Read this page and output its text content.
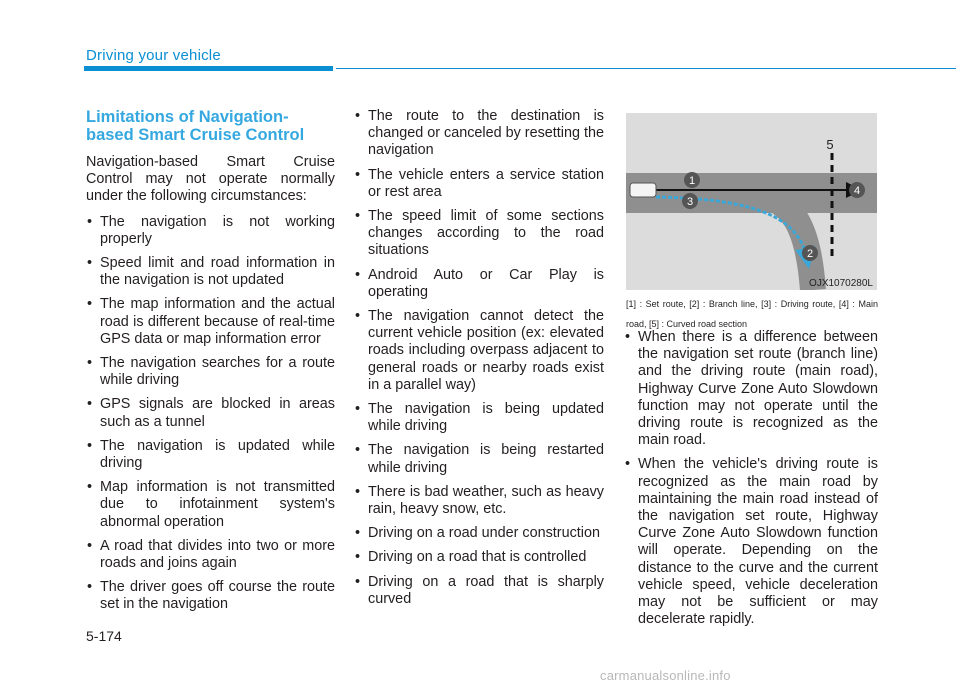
Driving your vehicle
Limitations of Navigation-based Smart Cruise Control

Navigation-based Smart Cruise Control may not operate normally under the following circumstances:

• The navigation is not working properly
• Speed limit and road information in the navigation is not updated
• The map information and the actual road is different because of real-time GPS data or map information error
• The navigation searches for a route while driving
• GPS signals are blocked in areas such as a tunnel
• The navigation is updated while driving
• Map information is not transmitted due to infotainment system's abnormal operation
• A road that divides into two or more roads and joins again
• The driver goes off course the route set in the navigation
• The route to the destination is changed or canceled by resetting the navigation
• The vehicle enters a service station or rest area
• The speed limit of some sections changes according to the road situations
• Android Auto or Car Play is operating
• The navigation cannot detect the current vehicle position (ex: elevated roads including overpass adjacent to general roads or nearby roads exist in a parallel way)
• The navigation is being updated while driving
• The navigation is being restarted while driving
• There is bad weather, such as heavy rain, heavy snow, etc.
• Driving on a road under construction
• Driving on a road that is controlled
• Driving on a road that is sharply curved
1
3
4
2
5
OJX1070280L
[1] : Set route, [2] : Branch line, [3] : Driving route, [4] : Main road, [5] : Curved road section
• When there is a difference between the navigation set route (branch line) and the driving route (main road), Highway Curve Zone Auto Slowdown function may not operate until the driving route is recognized as the main road.
• When the vehicle's driving route is recognized as the main road by maintaining the main road instead of the navigation set route, Highway Curve Zone Auto Slowdown function will operate. Depending on the distance to the curve and the current vehicle speed, vehicle deceleration may not be sufficient or may decelerate rapidly.
5-174
carmanualsonline.info
